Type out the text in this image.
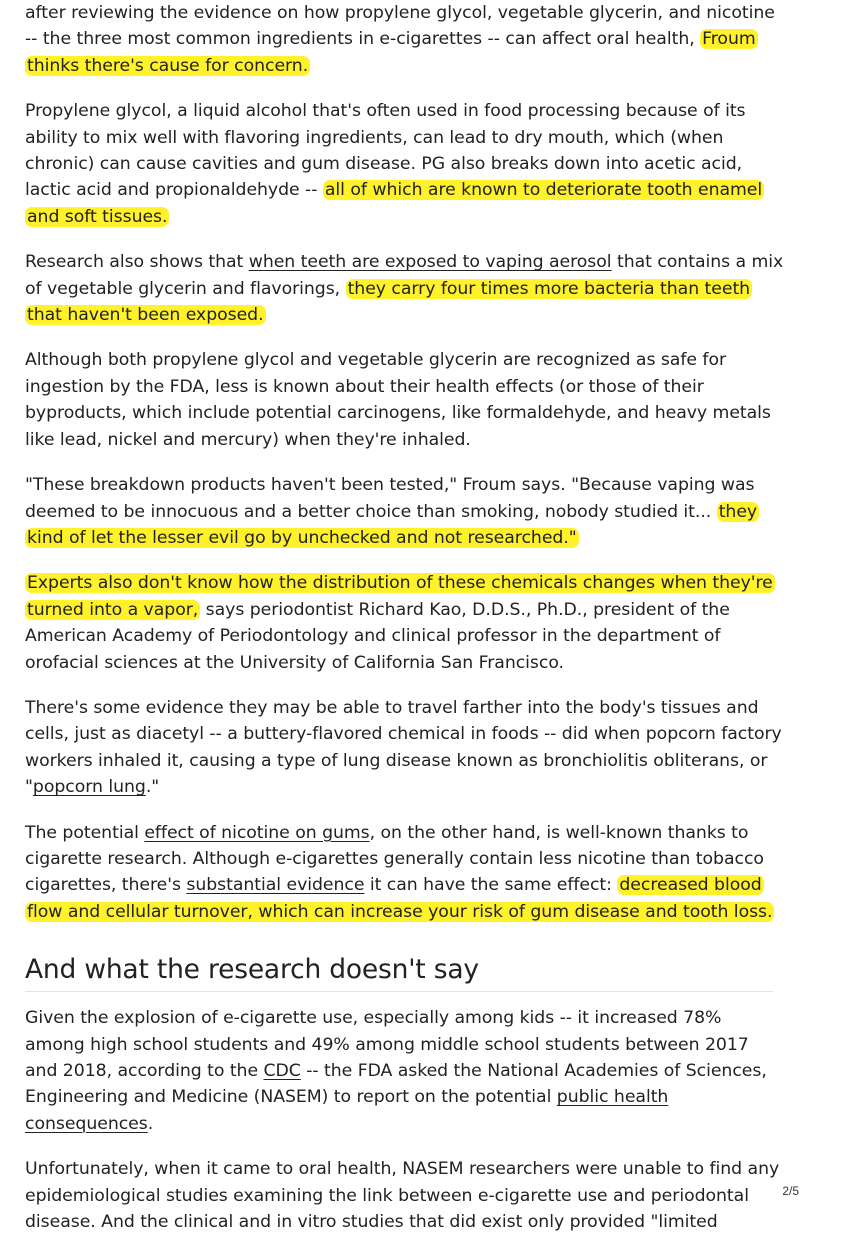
after reviewing the evidence on how propylene glycol, vegetable glycerin, and nicotine -- the three most common ingredients in e-cigarettes -- can affect oral health, Froum thinks there's cause for concern.

Propylene glycol, a liquid alcohol that's often used in food processing because of its ability to mix well with flavoring ingredients, can lead to dry mouth, which (when chronic) can cause cavities and gum disease. PG also breaks down into acetic acid, lactic acid and propionaldehyde -- all of which are known to deteriorate tooth enamel and soft tissues.

Research also shows that when teeth are exposed to vaping aerosol that contains a mix of vegetable glycerin and flavorings, they carry four times more bacteria than teeth that haven't been exposed.

Although both propylene glycol and vegetable glycerin are recognized as safe for ingestion by the FDA, less is known about their health effects (or those of their byproducts, which include potential carcinogens, like formaldehyde, and heavy metals like lead, nickel and mercury) when they're inhaled.

"These breakdown products haven't been tested," Froum says. "Because vaping was deemed to be innocuous and a better choice than smoking, nobody studied it... they kind of let the lesser evil go by unchecked and not researched."

Experts also don't know how the distribution of these chemicals changes when they're turned into a vapor, says periodontist Richard Kao, D.D.S., Ph.D., president of the American Academy of Periodontology and clinical professor in the department of orofacial sciences at the University of California San Francisco.

There's some evidence they may be able to travel farther into the body's tissues and cells, just as diacetyl -- a buttery-flavored chemical in foods -- did when popcorn factory workers inhaled it, causing a type of lung disease known as bronchiolitis obliterans, or "popcorn lung."

The potential effect of nicotine on gums, on the other hand, is well-known thanks to cigarette research. Although e-cigarettes generally contain less nicotine than tobacco cigarettes, there's substantial evidence it can have the same effect: decreased blood flow and cellular turnover, which can increase your risk of gum disease and tooth loss.

And what the research doesn't say

Given the explosion of e-cigarette use, especially among kids -- it increased 78% among high school students and 49% among middle school students between 2017 and 2018, according to the CDC -- the FDA asked the National Academies of Sciences, Engineering and Medicine (NASEM) to report on the potential public health consequences.

Unfortunately, when it came to oral health, NASEM researchers were unable to find any epidemiological studies examining the link between e-cigarette use and periodontal disease. And the clinical and in vitro studies that did exist only provided "limited

2/5
